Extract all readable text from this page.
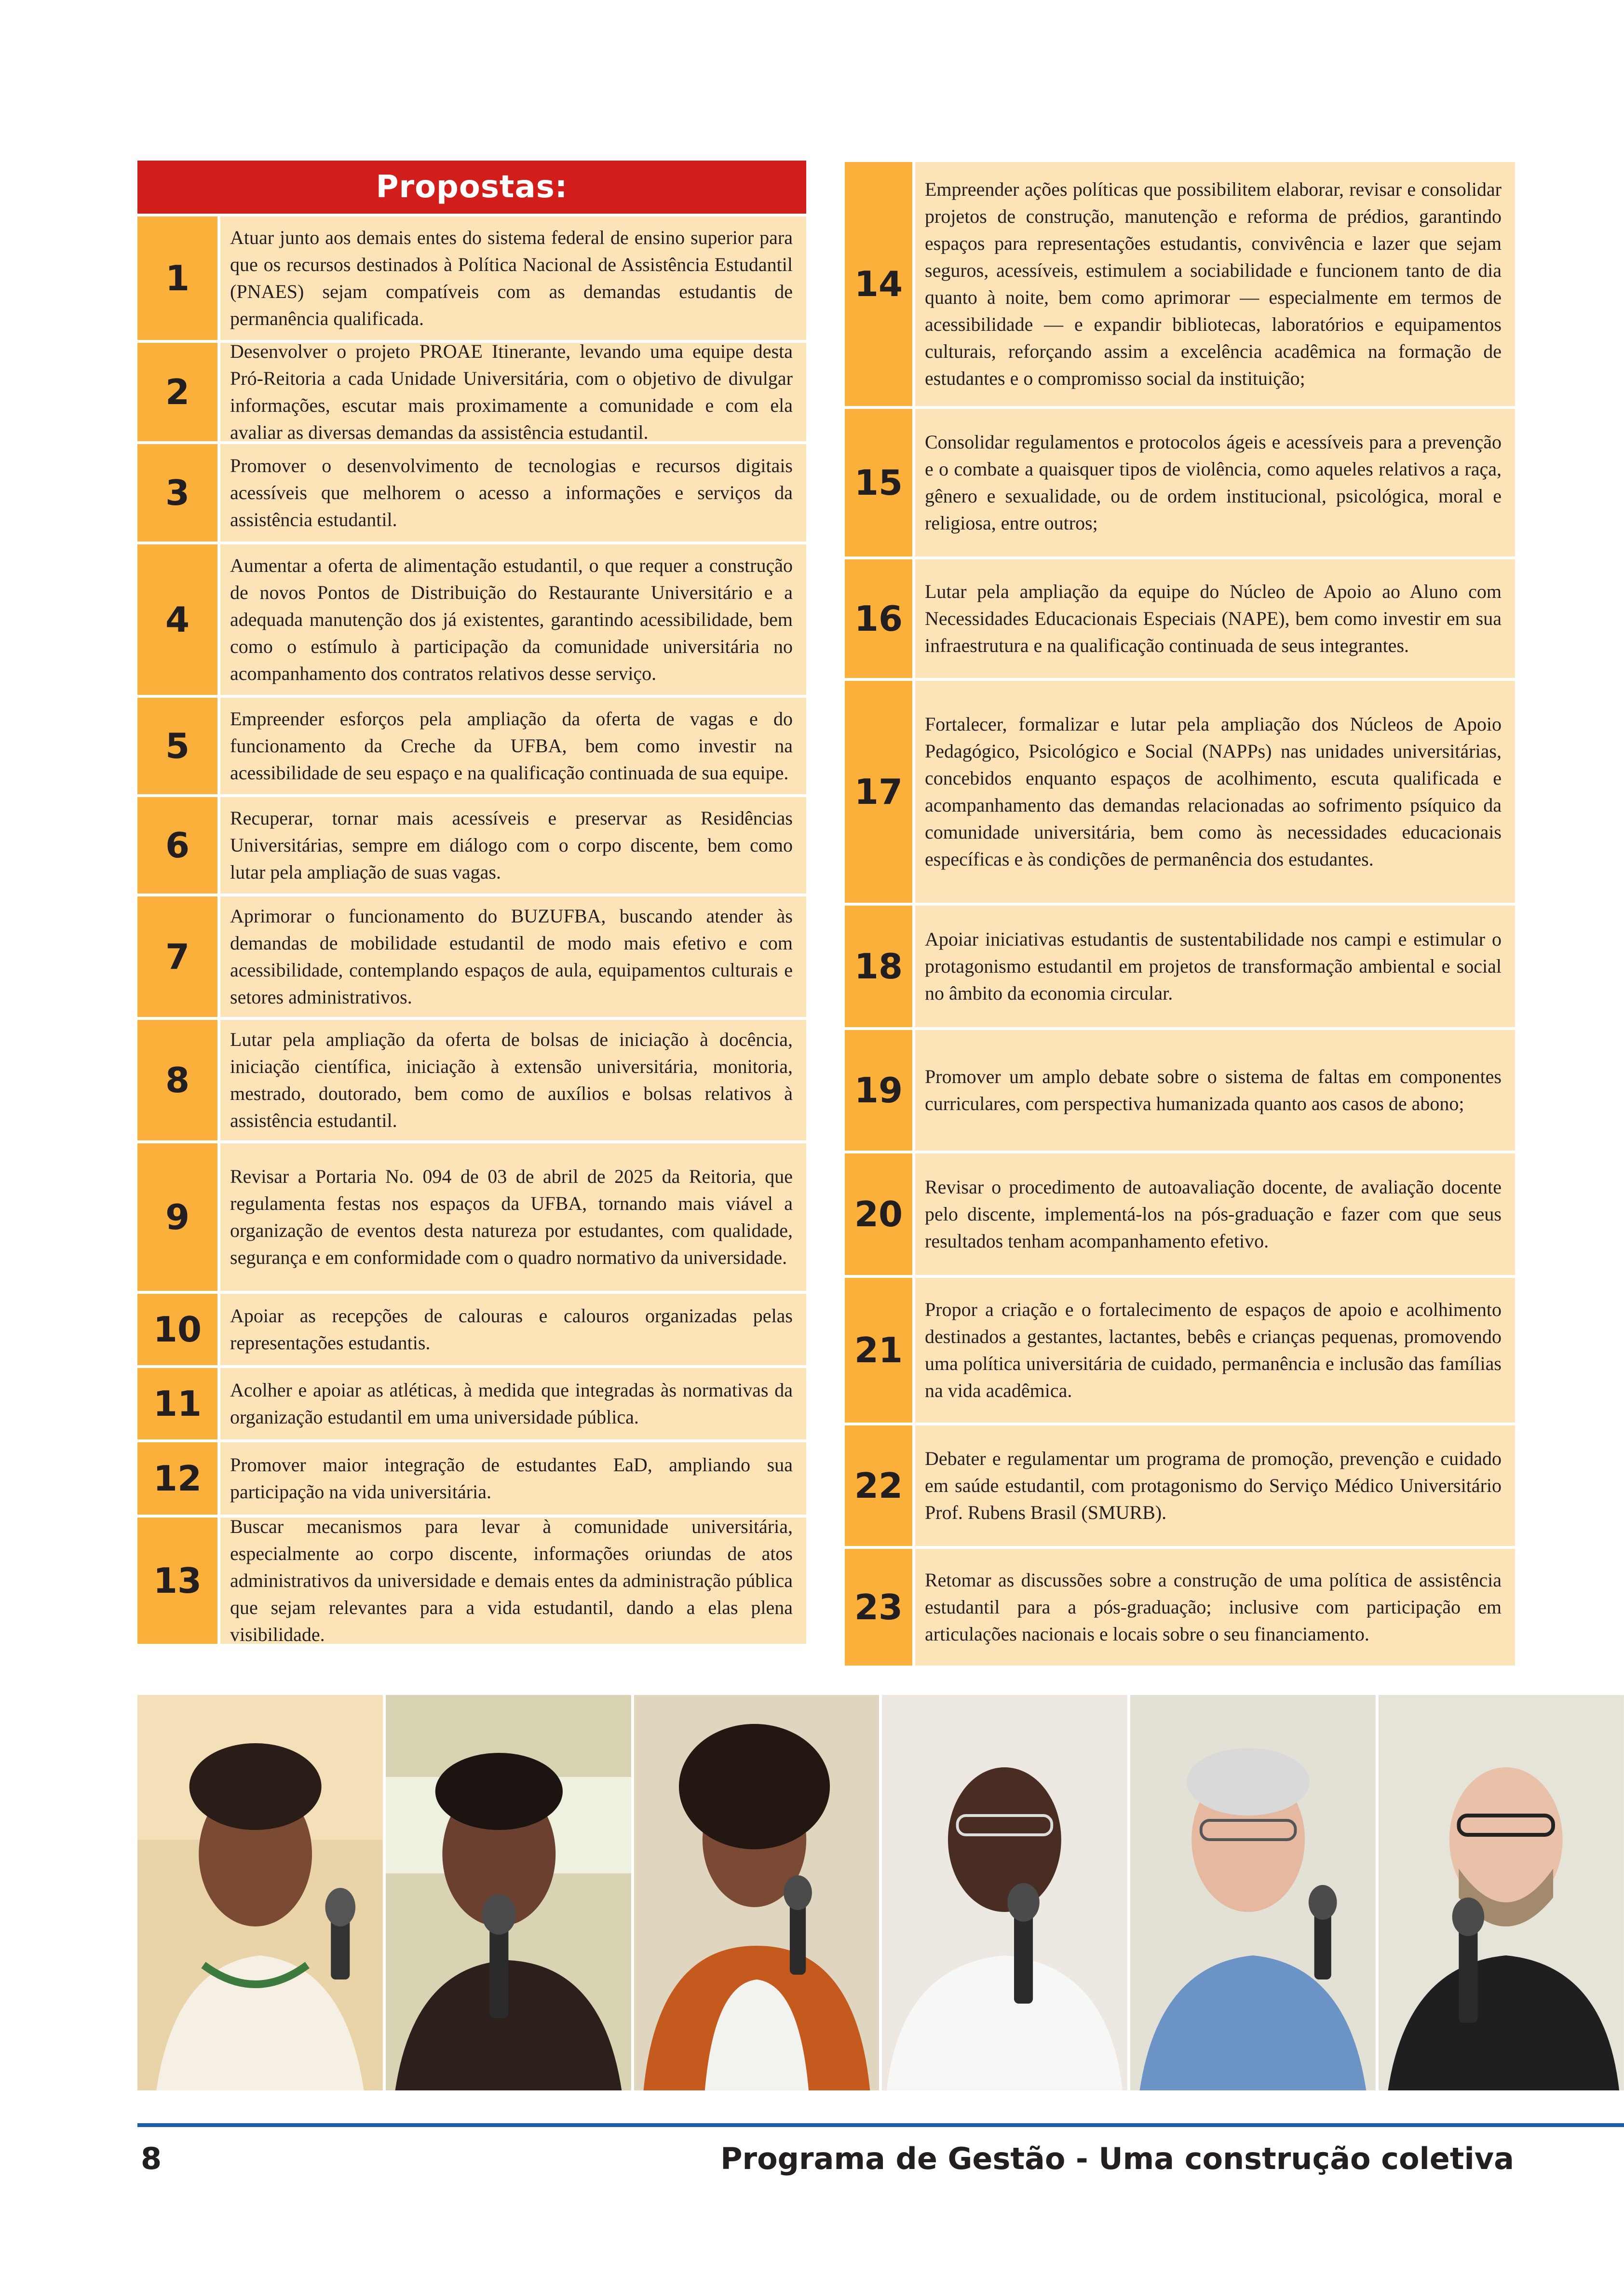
Propostas:
1
Atuar junto aos demais entes do sistema federal de ensino superior para que os recursos destinados à Política Nacional de Assistência Estudantil (PNAES) sejam compatíveis com as demandas estudantis de permanência qualificada.
2
Desenvolver o projeto PROAE Itinerante, levando uma equipe desta Pró-Reitoria a cada Unidade Universitária, com o objetivo de divulgar informações, escutar mais proximamente a comunidade e com ela avaliar as diversas demandas da assistência estudantil.
3
Promover o desenvolvimento de tecnologias e recursos digitais acessíveis que melhorem o acesso a informações e serviços da assistência estudantil.
4
Aumentar a oferta de alimentação estudantil, o que requer a construção de novos Pontos de Distribuição do Restaurante Universitário e a adequada manutenção dos já existentes, garantindo acessibilidade, bem como o estímulo à participação da comunidade universitária no acompanhamento dos contratos relativos desse serviço.
5
Empreender esforços pela ampliação da oferta de vagas e do funcionamento da Creche da UFBA, bem como investir na acessibilidade de seu espaço e na qualificação continuada de sua equipe.
6
Recuperar, tornar mais acessíveis e preservar as Residências Universitárias, sempre em diálogo com o corpo discente, bem como lutar pela ampliação de suas vagas.
7
Aprimorar o funcionamento do BUZUFBA, buscando atender às demandas de mobilidade estudantil de modo mais efetivo e com acessibilidade, contemplando espaços de aula, equipamentos culturais e setores administrativos.
8
Lutar pela ampliação da oferta de bolsas de iniciação à docência, iniciação científica, iniciação à extensão universitária, monitoria, mestrado, doutorado, bem como de auxílios e bolsas relativos à assistência estudantil.
9
Revisar a Portaria No. 094 de 03 de abril de 2025 da Reitoria, que regulamenta festas nos espaços da UFBA, tornando mais viável a organização de eventos desta natureza por estudantes, com qualidade, segurança e em conformidade com o quadro normativo da universidade.
10	Apoiar as recepções de calouras e calouros organizadas pelas representações estudantis.
11	Acolher e apoiar as atléticas, à medida que integradas às normativas da organização estudantil em uma universidade pública.
12	Promover maior integração de estudantes EaD, ampliando sua participação na vida universitária.
13
Buscar mecanismos para levar à comunidade universitária, especialmente ao corpo discente, informações oriundas de atos administrativos da universidade e demais entes da administração pública que sejam relevantes para a vida estudantil, dando a elas plena visibilidade.
14
Empreender ações políticas que possibilitem elaborar, revisar e consolidar projetos de construção, manutenção e reforma de prédios, garantindo espaços para representações estudantis, convivência e lazer que sejam seguros, acessíveis, estimulem a sociabilidade e funcionem tanto de dia quanto à noite, bem como aprimorar — especialmente em termos de acessibilidade — e expandir bibliotecas, laboratórios e equipamentos culturais, reforçando assim a excelência acadêmica na formação de estudantes e o compromisso social da instituição;
15
Consolidar regulamentos e protocolos ágeis e acessíveis para a prevenção e o combate a quaisquer tipos de violência, como aqueles relativos a raça, gênero e sexualidade, ou de ordem institucional, psicológica, moral e religiosa, entre outros;
16
Lutar pela ampliação da equipe do Núcleo de Apoio ao Aluno com Necessidades Educacionais Especiais (NAPE), bem como investir em sua infraestrutura e na qualificação continuada de seus integrantes.
17
Fortalecer, formalizar e lutar pela ampliação dos Núcleos de Apoio Pedagógico, Psicológico e Social (NAPPs) nas unidades universitárias, concebidos enquanto espaços de acolhimento, escuta qualificada e acompanhamento das demandas relacionadas ao sofrimento psíquico da comunidade universitária, bem como às necessidades educacionais específicas e às condições de permanência dos estudantes.
18
Apoiar iniciativas estudantis de sustentabilidade nos campi e estimular o protagonismo estudantil em projetos de transformação ambiental e social no âmbito da economia circular.
19	Promover um amplo debate sobre o sistema de faltas em componentes curriculares, com perspectiva humanizada quanto aos casos de abono;
20
Revisar o procedimento de autoavaliação docente, de avaliação docente pelo discente, implementá-los na pós-graduação e fazer com que seus resultados tenham acompanhamento efetivo.
21
Propor a criação e o fortalecimento de espaços de apoio e acolhimento destinados a gestantes, lactantes, bebês e crianças pequenas, promovendo uma política universitária de cuidado, permanência e inclusão das famílias na vida acadêmica.
22
Debater e regulamentar um programa de promoção, prevenção e cuidado em saúde estudantil, com protagonismo do Serviço Médico Universitário Prof. Rubens Brasil (SMURB).
23
Retomar as discussões sobre a construção de uma política de assistência estudantil para a pós-graduação; inclusive com participação em articulações nacionais e locais sobre o seu financiamento.
8	Programa de Gestão - Uma construção coletiva
